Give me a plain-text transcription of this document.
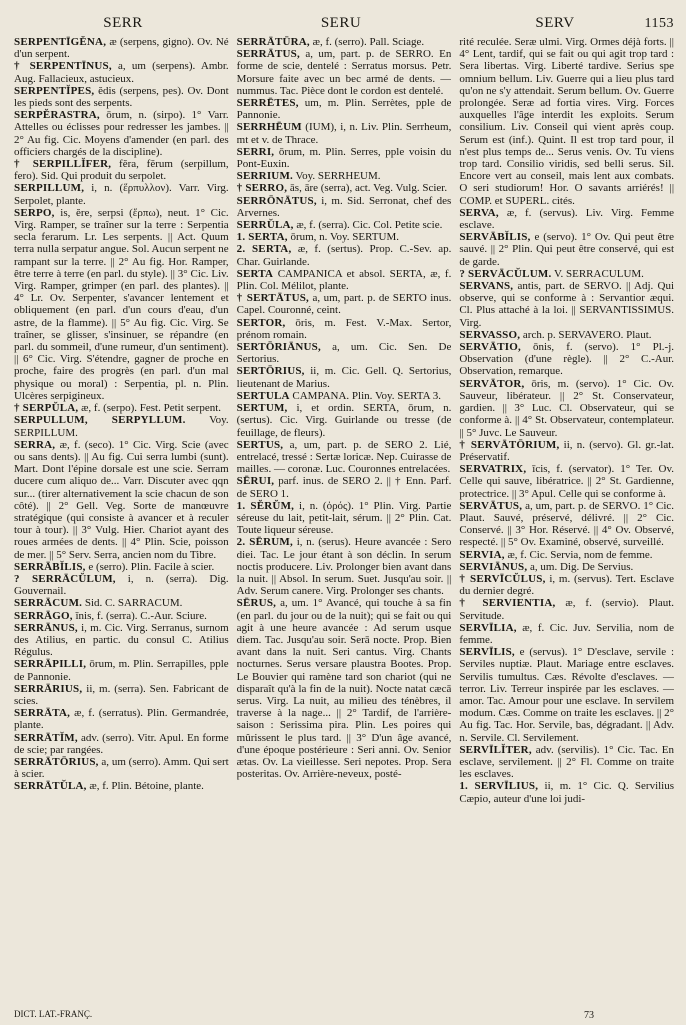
SERR	SERU	SERV	1153
SERPENTĪGĔNA, æ (serpens, gigno). Ov. Né d'un serpent.
† SERPENTĪNUS, a, um (serpens). Ambr. Aug. Fallacieux, astucieux.
SERPENTĬPES, ĕdis (serpens, pes). Ov. Dont les pieds sont des serpents.
SERPĔRASTRA, ōrum, n. (sirpo). 1° Varr. Attelles ou éclisses pour redresser les jambes. || 2° Au fig. Cic. Moyens d'amender (en parl. des officiers chargés de la discipline).
† SERPILLĬFER, fĕra, fĕrum (serpillum, fero). Sid. Qui produit du serpolet.
SERPILLUM, i, n. (ἕρπυλλον). Varr. Virg. Serpolet, plante.
SERPO, is, ĕre, serpsi (ἕρπω), neut. 1° Cic. Virg. Ramper, se traîner sur la terre : Serpentia secla ferarum. Lr. Les serpents. || Act. Quum terra nulla serpatur angue. Sol. Aucun serpent ne rampant sur la terre. || 2° Au fig. Hor. Ramper, être terre à terre (en parl. du style). || 3° Cic. Liv. Virg. Ramper, grimper (en parl. des plantes). || 4° Lr. Ov. Serpenter, s'avancer lentement et obliquement (en parl. d'un cours d'eau, d'un astre, de la flamme). || 5° Au fig. Cic. Virg. Se traîner, se glisser, s'insinuer, se répandre (en parl. du sommeil, d'une rumeur, d'un sentiment). || 6° Cic. Virg. S'étendre, gagner de proche en proche, faire des progrès (en parl. d'un mal physique ou moral) : Serpentia, pl. n. Plin. Ulcères serpigineux.
† SERPŬLA, æ, f. (serpo). Fest. Petit serpent.
SERPULLUM, SERPYLLUM. Voy. SERPILLUM.
SERRA, æ, f. (seco). 1° Cic. Virg. Scie (avec ou sans dents). || Au fig. Cui serra lumbi (sunt). Mart. Dont l'épine dorsale est une scie. Serram ducere cum aliquo de... Varr. Discuter avec qqn sur... (tirer alternativement la scie chacun de son côté). || 2° Gell. Veg. Sorte de manœuvre stratégique (qui consiste à avancer et à reculer tour à tour). || 3° Vulg. Hier. Chariot ayant des roues armées de dents. || 4° Plin. Scie, poisson de mer. || 5° Serv. Serra, ancien nom du Tibre.
SERRĀBĬLIS, e (serro). Plin. Facile à scier.
? SERRĀCŬLUM, i, n. (serra). Dig. Gouvernail.
SERRĀCUM. Sid. C. SARRACUM.
SERRĀGO, ĭnis, f. (serra). C.-Aur. Sciure.
SERRĀNUS, i, m. Cic. Virg. Serranus, surnom des Atilius, en partic. du consul C. Atilius Régulus.
SERRĀPILLI, ōrum, m. Plin. Serrapilles, pple de Pannonie.
SERRĀRIUS, ii, m. (serra). Sen. Fabricant de scies.
SERRĀTA, æ, f. (serratus). Plin. Germandrée, plante.
SERRĀTĬM, adv. (serro). Vitr. Apul. En forme de scie; par rangées.
SERRĀTŌRIUS, a, um (serro). Amm. Qui sert à scier.
SERRĀTŬLA, æ, f. Plin. Bétoine, plante.
SERRĀTŪRA, æ, f. (serro). Pall. Sciage.
SERRĀTUS, a, um, part. p. de SERRO. En forme de scie, dentelé : Serratus morsus. Petr. Morsure faite avec un bec armé de dents. — nummus. Tac. Pièce dont le cordon est dentelé.
SERRĒTES, um, m. Plin. Serrètes, pple de Pannonie.
SERRHĒUM (IUM), i, n. Liv. Plin. Serrheum, mt et v. de Thrace.
SERRI, ōrum, m. Plin. Serres, pple voisin du Pont-Euxin.
SERRIUM. Voy. SERRHEUM.
† SERRO, ās, āre (serra), act. Veg. Vulg. Scier.
SERRŌNĀTUS, i, m. Sid. Serronat, chef des Arvernes.
SERRŬLA, æ, f. (serra). Cic. Col. Petite scie.
1. SERTA, ōrum, n. Voy. SERTUM.
2. SERTA, æ, f. (sertus). Prop. C.-Sev. ap. Char. Guirlande.
SERTA CAMPANICA et absol. SERTA, æ, f. Plin. Col. Mélilot, plante.
† SERTĀTUS, a, um, part. p. de SERTO inus. Capel. Couronné, ceint.
SERTOR, ōris, m. Fest. V.-Max. Sertor, prénom romain.
SERTŌRIĀNUS, a, um. Cic. Sen. De Sertorius.
SERTŌRIUS, ii, m. Cic. Gell. Q. Sertorius, lieutenant de Marius.
SERTULA CAMPANA. Plin. Voy. SERTA 3.
SERTUM, i, et ordin. SERTA, ōrum, n. (sertus). Cic. Virg. Guirlande ou tresse (de feuillage, de fleurs).
SERTUS, a, um, part. p. de SERO 2. Lié, entrelacé, tressé : Sertæ loricæ. Nep. Cuirasse de mailles. — coronæ. Luc. Couronnes entrelacées.
SĒRUI, parf. inus. de SERO 2. || † Enn. Parf. de SERO 1.
1. SĔRŬM, i, n. (ὀρός). 1° Plin. Virg. Partie séreuse du lait, petit-lait, sérum. || 2° Plin. Cat. Toute liqueur séreuse.
2. SĒRUM, i, n. (serus). Heure avancée : Sero diei. Tac. Le jour étant à son déclin. In serum noctis producere. Liv. Prolonger bien avant dans la nuit. || Absol. In serum. Suet. Jusqu'au soir. || Adv. Serum canere. Virg. Prolonger ses chants.
SĒRUS, a, um. 1° Avancé, qui touche à sa fin (en parl. du jour ou de la nuit); qui se fait ou qui agit à une heure avancée : Ad serum usque diem. Tac. Jusqu'au soir. Serā nocte. Prop. Bien avant dans la nuit. Seri cantus. Virg. Chants nocturnes. Serus versare plaustra Bootes. Prop. Le Bouvier qui ramène tard son chariot (qui ne disparaît qu'à la fin de la nuit). Nocte natat cæcā serus. Virg. La nuit, au milieu des ténèbres, il traverse à la nage... || 2° Tardif, de l'arrière-saison : Serissima pira. Plin. Les poires qui mûrissent le plus tard. || 3° D'un âge avancé, d'une époque postérieure : Seri anni. Ov. Senior ætas. Ov. La vieillesse. Seri nepotes. Prop. Sera posteritas. Ov. Arrière-neveux, posté-
rité reculée. Seræ ulmi. Virg. Ormes déjà forts. || 4° Lent, tardif, qui se fait ou qui agit trop tard : Sera libertas. Virg. Liberté tardive. Serius spe omnium bellum. Liv. Guerre qui a lieu plus tard qu'on ne s'y attendait. Serum bellum. Ov. Guerre prolongée. Seræ ad fortia vires. Virg. Forces auxquelles l'âge interdit les exploits. Serum consilium. Liv. Conseil qui vient après coup. Serum est (inf.). Quint. Il est trop tard pour, il n'est plus temps de... Serus venis. Ov. Tu viens trop tard. Consilio viridis, sed belli serus. Sil. Encore vert au conseil, mais lent aux combats. O seri studiorum! Hor. O savants arriérés! || COMP. et SUPERL. cités.
SERVA, æ, f. (servus). Liv. Virg. Femme esclave.
SERVĀBĬLIS, e (servo). 1° Ov. Qui peut être sauvé. || 2° Plin. Qui peut être conservé, qui est de garde.
? SERVĀCŬLUM. V. SERRACULUM.
SERVANS, antis, part. de SERVO. || Adj. Qui observe, qui se conforme à : Servantior æqui. Cl. Plus attaché à la loi. || SERVANTISSIMUS. Virg.
SERVASSO, arch. p. SERVAVERO. Plaut.
SERVĀTIO, ōnis, f. (servo). 1° Pl.-j. Observation (d'une règle). || 2° C.-Aur. Observation, remarque.
SERVĀTOR, ōris, m. (servo). 1° Cic. Ov. Sauveur, libérateur. || 2° St. Conservateur, gardien. || 3° Luc. Cl. Observateur, qui se conforme à. || 4° St. Observateur, contemplateur. || 5° Juvc. Le Sauveur.
† SERVĀTŌRIUM, ii, n. (servo). Gl. gr.-lat. Préservatif.
SERVATRIX, īcis, f. (servator). 1° Ter. Ov. Celle qui sauve, libératrice. || 2° St. Gardienne, protectrice. || 3° Apul. Celle qui se conforme à.
SERVĀTUS, a, um, part. p. de SERVO. 1° Cic. Plaut. Sauvé, préservé, délivré. || 2° Cic. Conservé. || 3° Hor. Réservé. || 4° Ov. Observé, respecté. || 5° Ov. Examiné, observé, surveillé.
SERVIA, æ, f. Cic. Servia, nom de femme.
SERVIĀNUS, a, um. Dig. De Servius.
† SERVĪCŬLUS, i, m. (servus). Tert. Esclave du dernier degré.
† SERVIENTIA, æ, f. (servio). Plaut. Servitude.
SERVĪLIA, æ, f. Cic. Juv. Servilia, nom de femme.
SERVĪLIS, e (servus). 1° D'esclave, servile : Serviles nuptiæ. Plaut. Mariage entre esclaves. Servilis tumultus. Cæs. Révolte d'esclaves. — terror. Liv. Terreur inspirée par les esclaves. — amor. Tac. Amour pour une esclave. In servilem modum. Cæs. Comme on traite les esclaves. || 2° Au fig. Tac. Hor. Servile, bas, dégradant. || Adv. n. Servile. Cl. Servilement.
SERVĪLĬTER, adv. (servilis). 1° Cic. Tac. En esclave, servilement. || 2° Fl. Comme on traite les esclaves.
1. SERVĪLIUS, ii, m. 1° Cic. Q. Servilius Cæpio, auteur d'une loi judi-
DICT. LAT.-FRANÇ.	73
